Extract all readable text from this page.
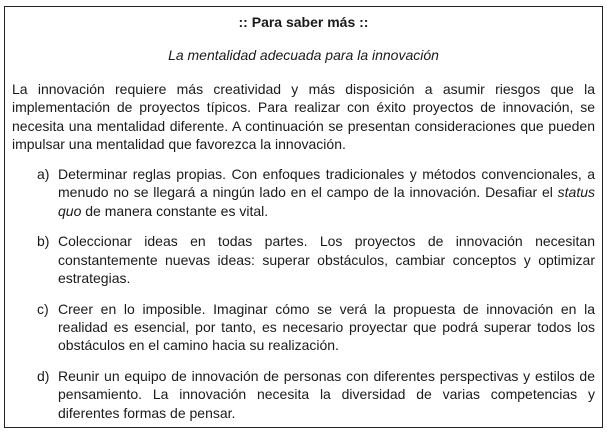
:: Para saber más ::
La mentalidad adecuada para la innovación

La innovación requiere más creatividad y más disposición a asumir riesgos que la implementación de proyectos típicos. Para realizar con éxito proyectos de innovación, se necesita una mentalidad diferente. A continuación se presentan consideraciones que pueden impulsar una mentalidad que favorezca la innovación.

a) Determinar reglas propias. Con enfoques tradicionales y métodos convencionales, a menudo no se llegará a ningún lado en el campo de la innovación. Desafiar el status quo de manera constante es vital.
b) Coleccionar ideas en todas partes. Los proyectos de innovación necesitan constantemente nuevas ideas: superar obstáculos, cambiar conceptos y optimizar estrategias.
c) Creer en lo imposible. Imaginar cómo se verá la propuesta de innovación en la realidad es esencial, por tanto, es necesario proyectar que podrá superar todos los obstáculos en el camino hacia su realización.
d) Reunir un equipo de innovación de personas con diferentes perspectivas y estilos de pensamiento. La innovación necesita la diversidad de varias competencias y diferentes formas de pensar.
